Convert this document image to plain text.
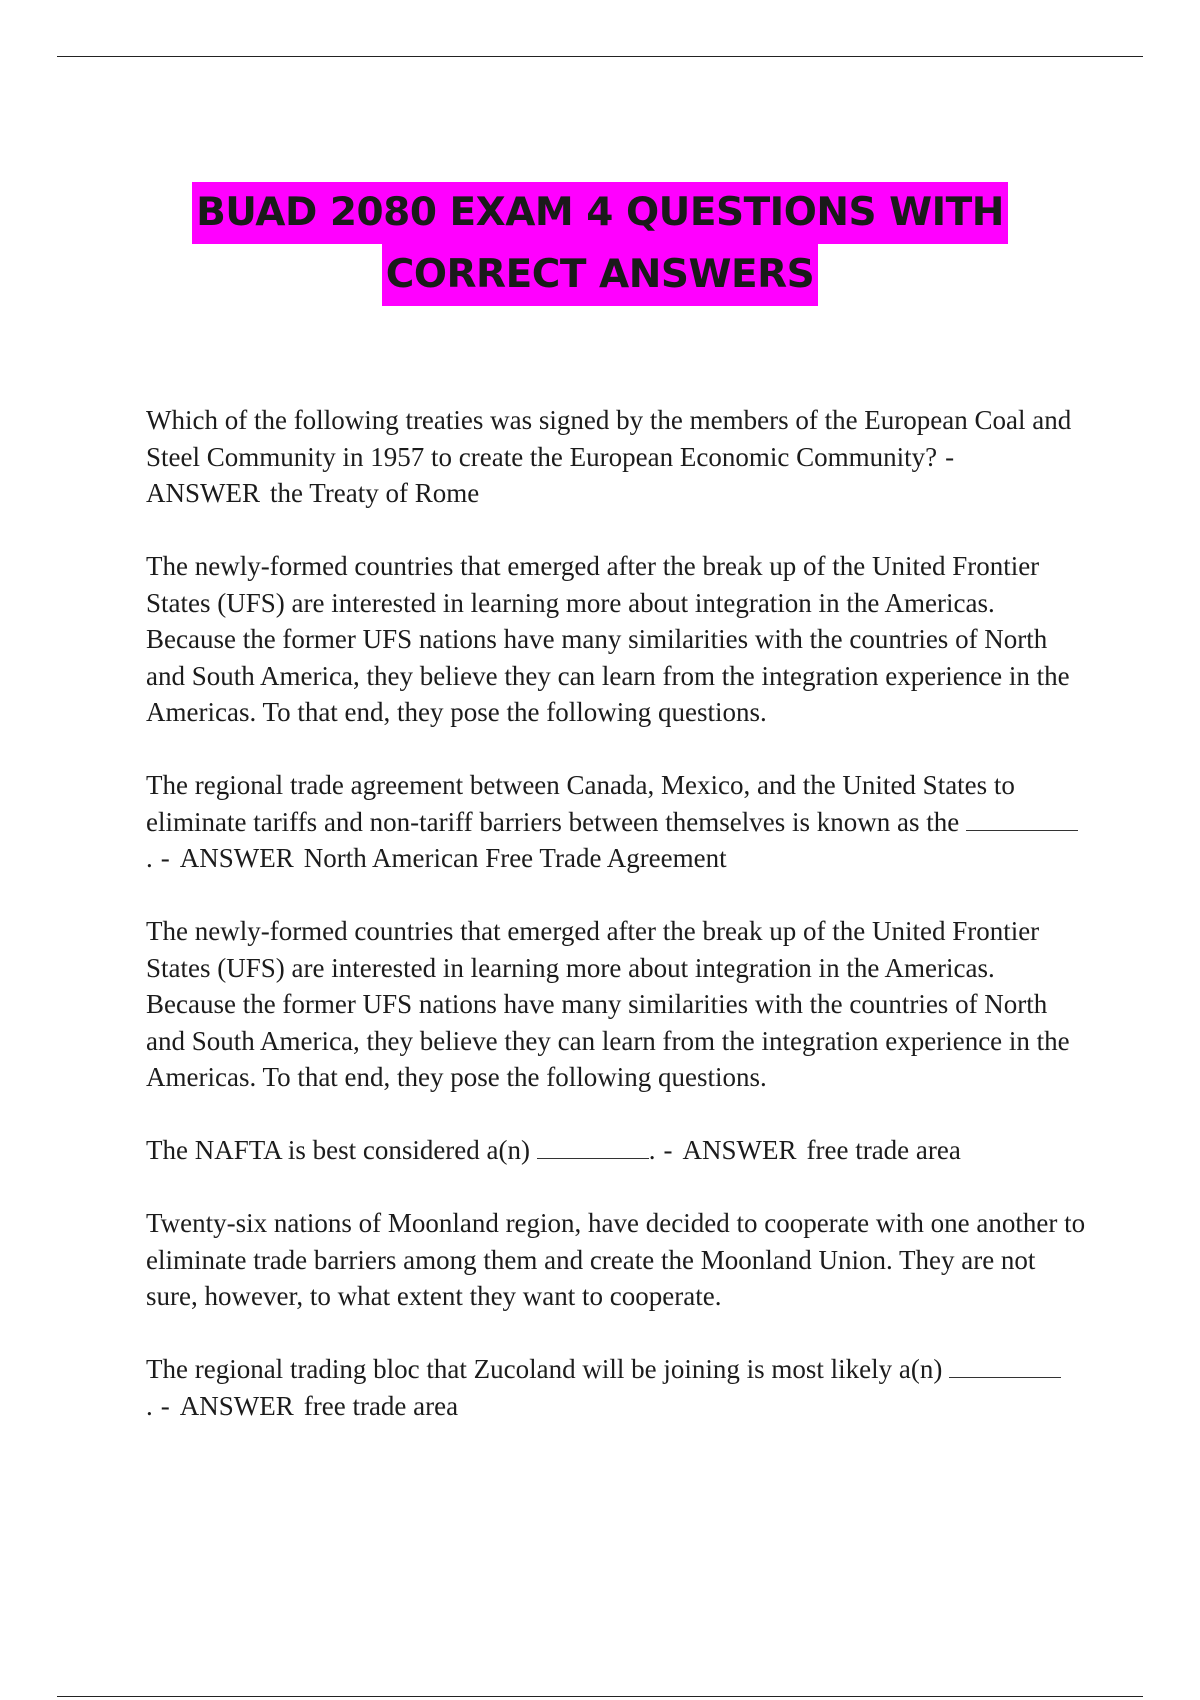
BUAD 2080 EXAM 4 QUESTIONS WITH
CORRECT ANSWERS

Which of the following treaties was signed by the members of the European Coal and Steel Community in 1957 to create the European Economic Community? -ANSWER the Treaty of Rome

The newly-formed countries that emerged after the break up of the United Frontier States (UFS) are interested in learning more about integration in the Americas. Because the former UFS nations have many similarities with the countries of North and South America, they believe they can learn from the integration experience in the Americas. To that end, they pose the following questions.

The regional trade agreement between Canada, Mexico, and the United States to eliminate tariffs and non-tariff barriers between themselves is known as the . - ANSWER North American Free Trade Agreement

The newly-formed countries that emerged after the break up of the United Frontier States (UFS) are interested in learning more about integration in the Americas. Because the former UFS nations have many similarities with the countries of North and South America, they believe they can learn from the integration experience in the Americas. To that end, they pose the following questions.

The NAFTA is best considered a(n)	. - ANSWER free trade area

Twenty-six nations of Moonland region, have decided to cooperate with one another to eliminate trade barriers among them and create the Moonland Union. They are not sure, however, to what extent they want to cooperate.

The regional trading bloc that Zucoland will be joining is most likely a(n) . - ANSWER free trade area
